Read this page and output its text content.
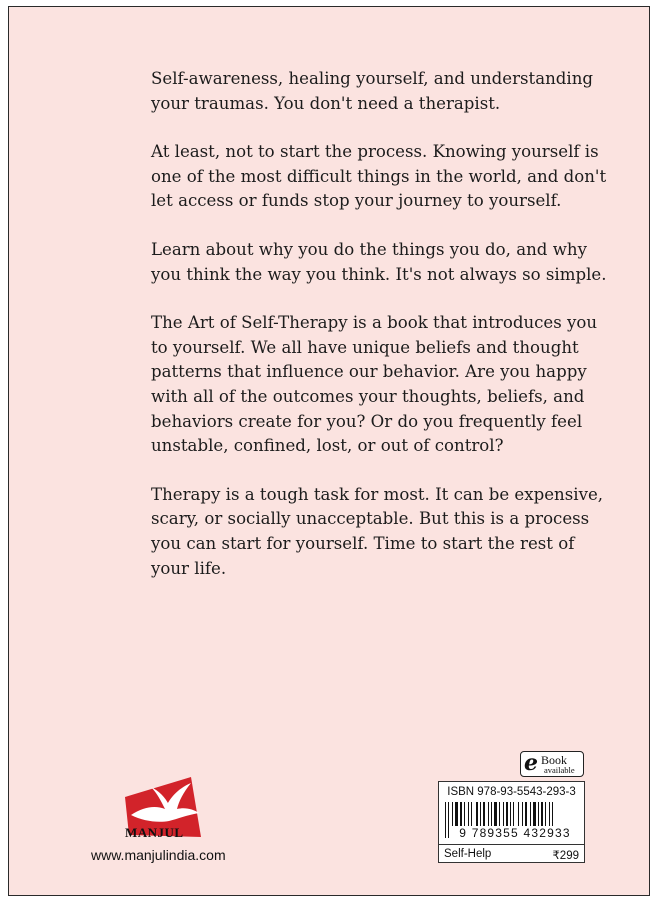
Self-awareness, healing yourself, and understanding your traumas. You don't need a therapist.

At least, not to start the process. Knowing yourself is one of the most difficult things in the world, and don't let access or funds stop your journey to yourself.

Learn about why you do the things you do, and why you think the way you think. It's not always so simple.

The Art of Self-Therapy is a book that introduces you to yourself. We all have unique beliefs and thought patterns that influence our behavior. Are you happy with all of the outcomes your thoughts, beliefs, and behaviors create for you? Or do you frequently feel unstable, confined, lost, or out of control?

Therapy is a tough task for most. It can be expensive, scary, or socially unacceptable. But this is a process you can start for yourself. Time to start the rest of your life.

MANJUL
www.manjulindia.com
e Book
available
ISBN 978-93-5543-293-3
9 789355 432933
Self-Help	₹299
